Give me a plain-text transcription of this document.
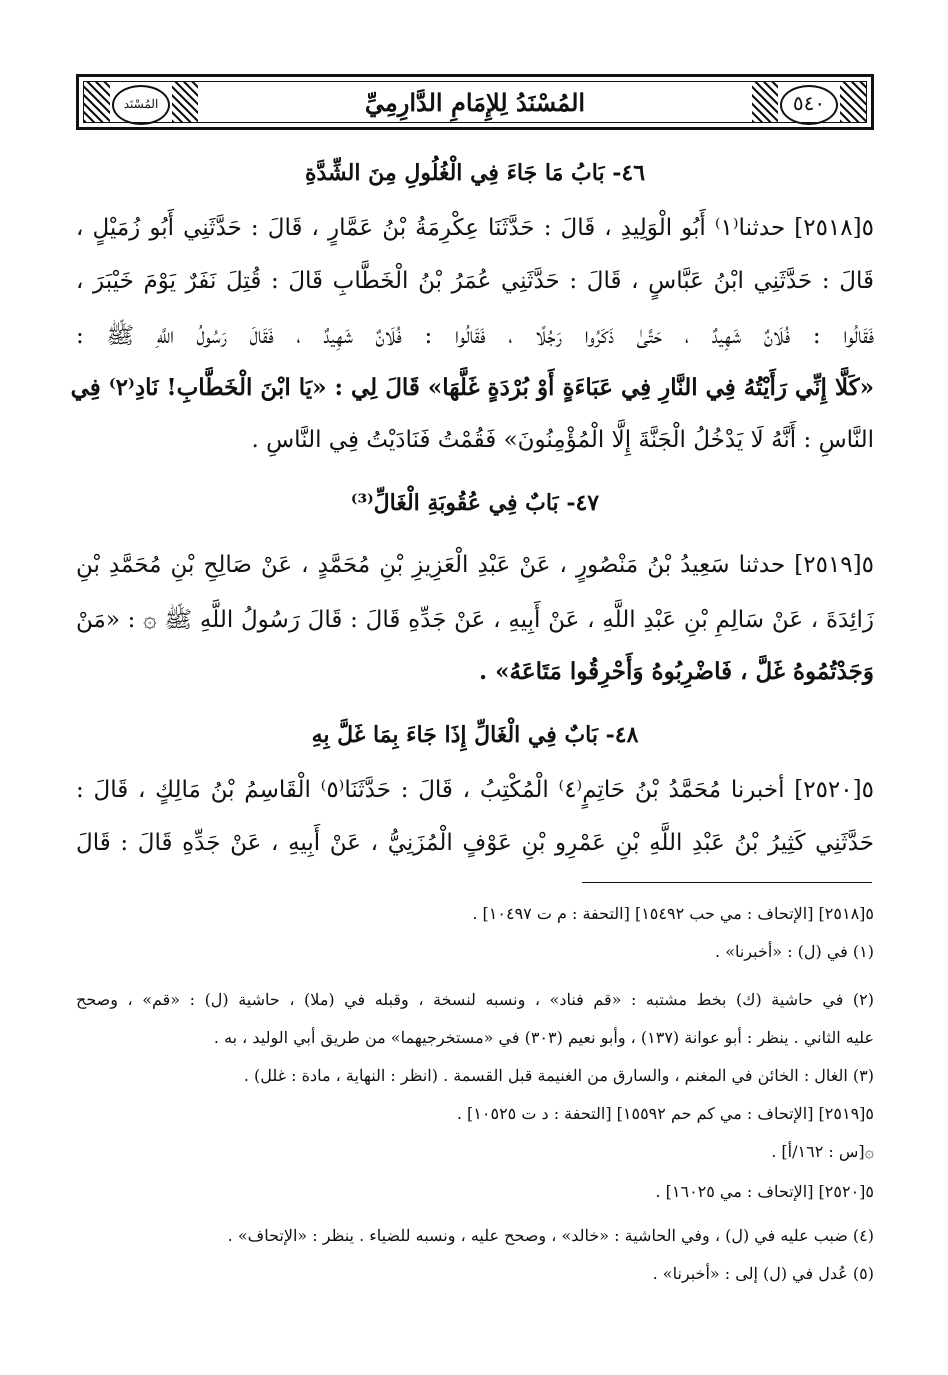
المُسْنَد	٥٤٠
المُسْنَدُ لِلإِمَامِ الدَّارِمِيِّ
٤٦- بَابُ مَا جَاءَ فِي الْغُلُولِ مِنَ الشِّدَّةِ
٥[٢٥١٨] حدثنا⁽١⁾ أَبُو الْوَلِيدِ ، قَالَ : حَدَّثَنَا عِكْرِمَةُ بْنُ عَمَّارٍ ، قَالَ : حَدَّثَنِي أَبُو زُمَيْلٍ ،
قَالَ : حَدَّثَنِي ابْنُ عَبَّاسٍ ، قَالَ : حَدَّثَنِي عُمَرُ بْنُ الْخَطَّابِ قَالَ : قُتِلَ نَفَرٌ يَوْمَ خَيْبَرَ ،
فَقَالُوا : فُلَانٌ شَهِيدٌ ، حَتَّىٰ ذَكَرُوا رَجُلًا ، فَقَالُوا : فُلَانٌ شَهِيدٌ ، فَقَالَ رَسُولُ اللَّهِ ﷺ :
«كَلَّا إِنِّي رَأَيْتُهُ فِي النَّارِ فِي عَبَاءَةٍ أَوْ بُرْدَةٍ غَلَّهَا» قَالَ لِي : «يَا ابْنَ الْخَطَّابِ! نَادِ⁽٢⁾ فِي
النَّاسِ : أَنَّهُ لَا يَدْخُلُ الْجَنَّةَ إِلَّا الْمُؤْمِنُونَ» فَقُمْتُ فَنَادَيْتُ فِي النَّاسِ .
٤٧- بَابٌ فِي عُقُوبَةِ الْغَالِّ⁽³⁾
٥[٢٥١٩] حدثنا سَعِيدُ بْنُ مَنْصُورٍ ، عَنْ عَبْدِ الْعَزِيزِ بْنِ مُحَمَّدٍ ، عَنْ صَالِحِ بْنِ مُحَمَّدِ بْنِ
زَائِدَةَ ، عَنْ سَالِمِ بْنِ عَبْدِ اللَّهِ ، عَنْ أَبِيهِ ، عَنْ جَدِّهِ قَالَ : قَالَ رَسُولُ اللَّهِ ﷺ ۞ : «مَنْ
وَجَدْتُمُوهُ غَلَّ ، فَاضْرِبُوهُ وَأَحْرِقُوا مَتَاعَهُ» .
٤٨- بَابٌ فِي الْغَالِّ إِذَا جَاءَ بِمَا غَلَّ بِهِ
٥[٢٥٢٠] أخبرنا مُحَمَّدُ بْنُ حَاتِمٍ⁽٤⁾ الْمُكْتِبُ ، قَالَ : حَدَّثَنَا⁽٥⁾ الْقَاسِمُ بْنُ مَالِكٍ ، قَالَ :
حَدَّثَنِي كَثِيرُ بْنُ عَبْدِ اللَّهِ بْنِ عَمْرِو بْنِ عَوْفٍ الْمُزَنِيُّ ، عَنْ أَبِيهِ ، عَنْ جَدِّهِ قَالَ : قَالَ
٥[٢٥١٨] [الإتحاف : مي حب ١٥٤٩٢] [التحفة : م ت ١٠٤٩٧] .
(١) في (ل) : «أخبرنا» .
(٢) في حاشية (ك) بخط مشتبه : «قم فناد» ، ونسبه لنسخة ، وقبله في (ملا) ، حاشية (ل) : «قم» ، وصحح
عليه الثاني . ينظر : أبو عوانة (١٣٧) ، وأبو نعيم (٣٠٣) في «مستخرجيهما» من طريق أبي الوليد ، به .
(٣) الغال : الخائن في المغنم ، والسارق من الغنيمة قبل القسمة . (انظر : النهاية ، مادة : غلل) .
٥[٢٥١٩] [الإتحاف : مي كم حم ١٥٥٩٢] [التحفة : د ت ١٠٥٢٥] .
۞[س : ١٦٢/أ] .
٥[٢٥٢٠] [الإتحاف : مي ١٦٠٢٥] .
(٤) ضبب عليه في (ل) ، وفي الحاشية : «خالد» ، وصحح عليه ، ونسبه للضياء . ينظر : «الإتحاف» .
(٥) عُدل في (ل) إلى : «أخبرنا» .
